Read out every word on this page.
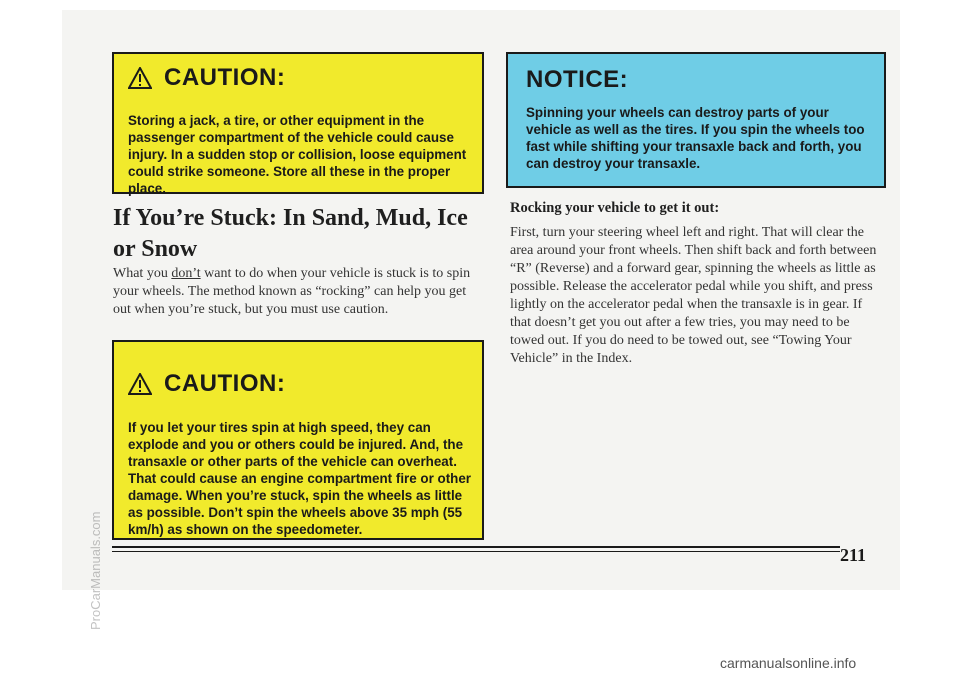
CAUTION:
Storing a jack, a tire, or other equipment in the passenger compartment of the vehicle could cause injury. In a sudden stop or collision, loose equipment could strike someone. Store all these in the proper place.
NOTICE:
Spinning your wheels can destroy parts of your vehicle as well as the tires. If you spin the wheels too fast while shifting your transaxle back and forth, you can destroy your transaxle.
If You’re Stuck: In Sand, Mud, Ice or Snow
What you don’t want to do when your vehicle is stuck is to spin your wheels. The method known as “rocking” can help you get out when you’re stuck, but you must use caution.
CAUTION:
If you let your tires spin at high speed, they can explode and you or others could be injured. And, the transaxle or other parts of the vehicle can overheat. That could cause an engine compartment fire or other damage. When you’re stuck, spin the wheels as little as possible. Don’t spin the wheels above 35 mph (55 km/h) as shown on the speedometer.
Rocking your vehicle to get it out:
First, turn your steering wheel left and right. That will clear the area around your front wheels. Then shift back and forth between “R” (Reverse) and a forward gear, spinning the wheels as little as possible. Release the accelerator pedal while you shift, and press lightly on the accelerator pedal when the transaxle is in gear. If that doesn’t get you out after a few tries, you may need to be towed out. If you do need to be towed out, see “Towing Your Vehicle” in the Index.
211
ProCarManuals.com
carmanualsonline.info
